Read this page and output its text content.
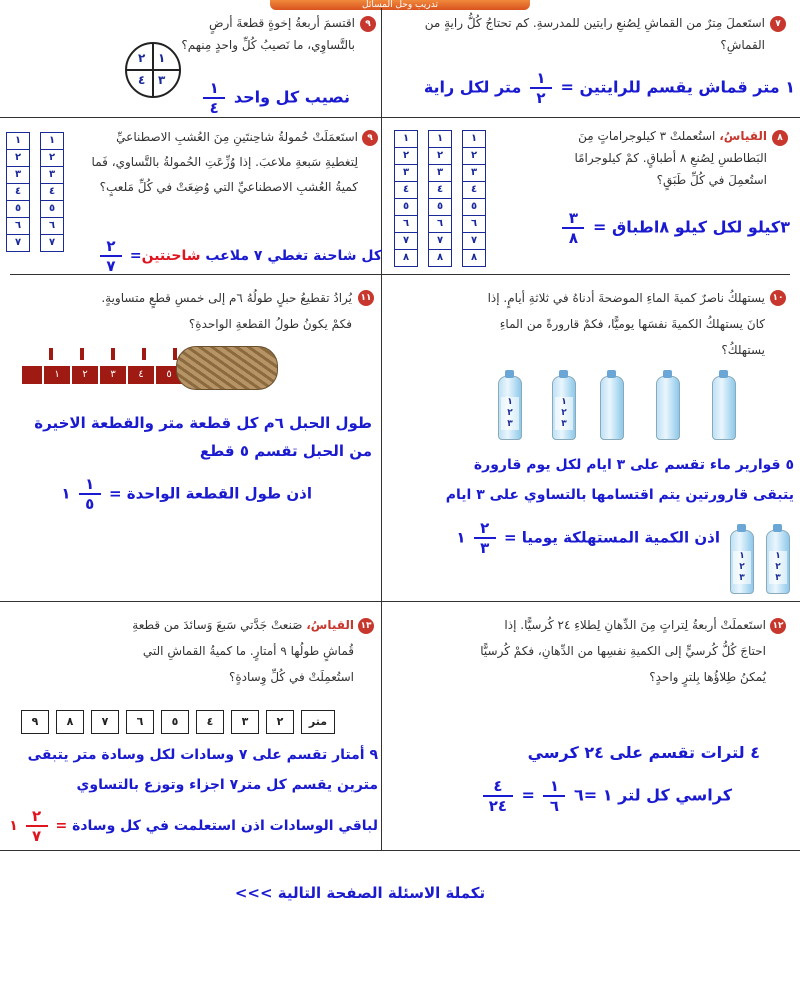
تدريب وحل المسائل
٧
استَعملَ مِترٌ من القماشِ لِصُنعِ رايتين للمدرسةِ. كم تحتاجُ كُلُّ رايةٍ من القماشِ؟
١ متر قماش يقسم للرايتين =
$\frac{١}{٢}$
متر لكل راية
٩
اقتسمَ أربعةُ إخوةٍ قطعةَ أرضٍ بالتَّساوِي، ما نَصيبُ كُلِّ واحدٍ مِنهم؟
١
٢
٣
٤
نصيب كل واحد
$\frac{١}{٤}$
٨
القياسُ، استُعملتْ ٣ كيلوجراماتٍ مِنَ البَطاطسِ لِصُنعِ ٨ أطباقٍ. كمْ كيلوجرامًا استُعمِلَ في كُلِّ طَبَقٍ؟
١
٢
٣
٤
٥
٦
٧
٨
١
٢
٣
٤
٥
٦
٧
٨
١
٢
٣
٤
٥
٦
٧
٨
٣كيلو لكل كيلو ٨اطباق =
$\frac{٣}{٨}$
٩
استَعمَلَتْ حُمولةُ شاحِنتَينِ مِنَ العُشبِ الاصطناعيِّ لِتغطيةِ سَبعةِ ملاعبَ. إذا وُزِّعَتِ الحُمولةُ بالتَّساوي، فَما كميةُ العُشبِ الاصطناعيِّ التي وُضِعَتْ في كُلِّ مَلعبٍ؟
١
٢
٣
٤
٥
٦
٧
١
٢
٣
٤
٥
٦
٧
كل شاحنة تغطي ٧ ملاعب شاحنتين=
$\frac{٢}{٧}$
١٠
يستهلكُ ناصرٌ كميةَ الماءِ الموضحةَ أدناهُ في ثلاثةِ أيامٍ. إذا كانَ يستهلكُ الكميةَ نفسَها يوميًّا، فكمْ قارورةً من الماءِ يستهلكُ؟
١
٢
٣
١
٢
٣
٥ قوارير ماء تقسم على ٣ ايام لكل يوم قارورة
يتبقى قارورتين يتم اقتسامها بالتساوي على ٣ ايام
اذن الكمية المستهلكة يوميا =
$\frac{٢}{٣}$
١
١
٢
٣
١
٢
٣
١١
يُرادُ تقطيعُ حبلٍ طولُهُ ٦م إلى خمسِ قطعٍ متساويةٍ. فكمْ يكونُ طولُ القطعةِ الواحدةِ؟
٥
٤
٣
٢
١
طول الحبل ٦م كل قطعة متر والقطعة الاخيرة
من الحبل تقسم ٥ قطع
اذن طول القطعة الواحدة =
$\frac{١}{٥}$
١
١٢
استَعملَتْ أربعةُ لِتراتٍ مِنَ الدِّهانِ لِطلاءِ ٢٤ كُرسيًّا. إذا احتاجَ كُلُّ كُرسيٍّ إلى الكميةِ نفسِها من الدِّهانِ، فكمْ كُرسيًّا يُمكنُ طِلاؤُها بِلترٍ واحدٍ؟
٤ لترات تقسم على ٢٤ كرسي
كراسي كل لتر ١ =٦
$\frac{١}{٦}$
=
$\frac{٤}{٢٤}$
١٣
القياسُ، صَنعتْ جَدَّتي سَبعَ وَسائدَ من قطعةِ قُماشٍ طولُها ٩ أمتارٍ. ما كميةُ القماشِ التي استُعمِلَتْ في كُلِّ وِسادةٍ؟
متر
٢
٣
٤
٥
٦
٧
٨
٩
٩ أمتار تقسم على ٧ وسادات لكل وسادة متر يتبقى
مترين يقسم كل متر٧ اجزاء وتوزع بالتساوي
لباقي الوسادات اذن استعلمت في كل وسادة =
$\frac{٢}{٧}$
١
تكملة الاسئلة الصفحة التالية >>>
